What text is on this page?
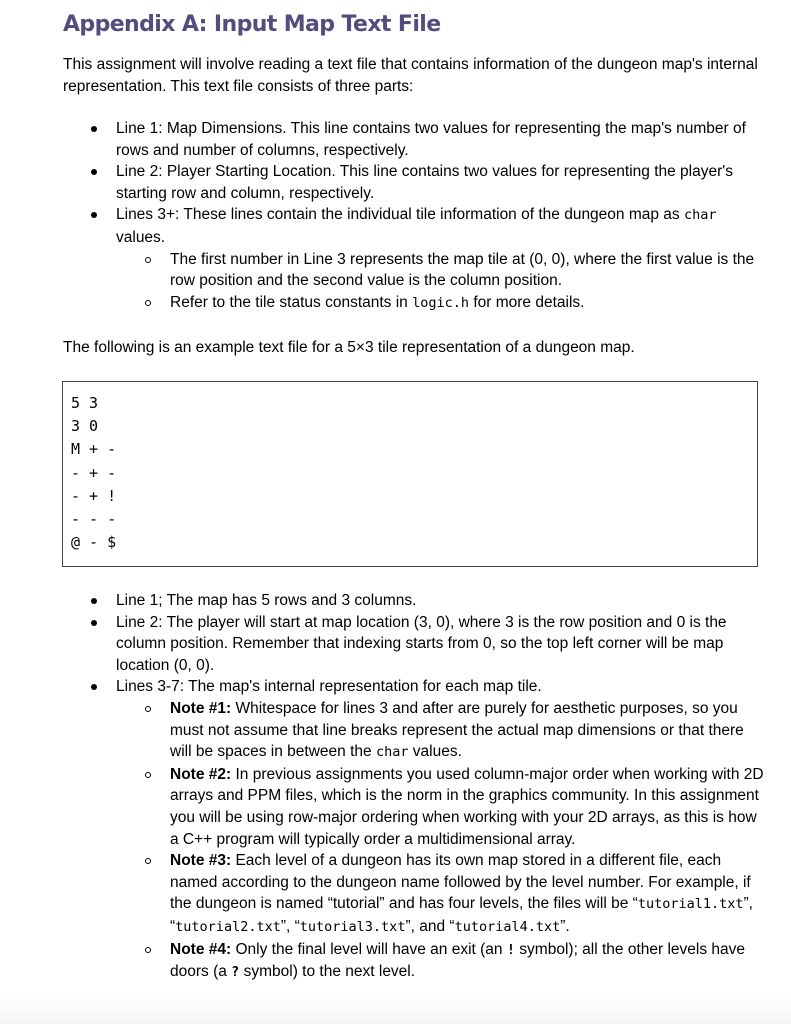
Appendix A: Input Map Text File

This assignment will involve reading a text file that contains information of the dungeon map's internal representation. This text file consists of three parts:

Line 1: Map Dimensions. This line contains two values for representing the map's number of rows and number of columns, respectively.
Line 2: Player Starting Location. This line contains two values for representing the player's starting row and column, respectively.
Lines 3+: These lines contain the individual tile information of the dungeon map as char values.
The first number in Line 3 represents the map tile at (0, 0), where the first value is the row position and the second value is the column position.
Refer to the tile status constants in logic.h for more details.

The following is an example text file for a 5×3 tile representation of a dungeon map.

5 3
3 0
M + -
- + -
- + !
- - -
@ - $
Line 1; The map has 5 rows and 3 columns.
Line 2: The player will start at map location (3, 0), where 3 is the row position and 0 is the column position. Remember that indexing starts from 0, so the top left corner will be map location (0, 0).
Lines 3-7: The map's internal representation for each map tile.
Note #1: Whitespace for lines 3 and after are purely for aesthetic purposes, so you must not assume that line breaks represent the actual map dimensions or that there will be spaces in between the char values.
Note #2: In previous assignments you used column-major order when working with 2D arrays and PPM files, which is the norm in the graphics community. In this assignment you will be using row-major ordering when working with your 2D arrays, as this is how a C++ program will typically order a multidimensional array.
Note #3: Each level of a dungeon has its own map stored in a different file, each named according to the dungeon name followed by the level number. For example, if the dungeon is named “tutorial” and has four levels, the files will be “tutorial1.txt”, “tutorial2.txt”, “tutorial3.txt”, and “tutorial4.txt”.
Note #4: Only the final level will have an exit (an ! symbol); all the other levels have doors (a ? symbol) to the next level.
